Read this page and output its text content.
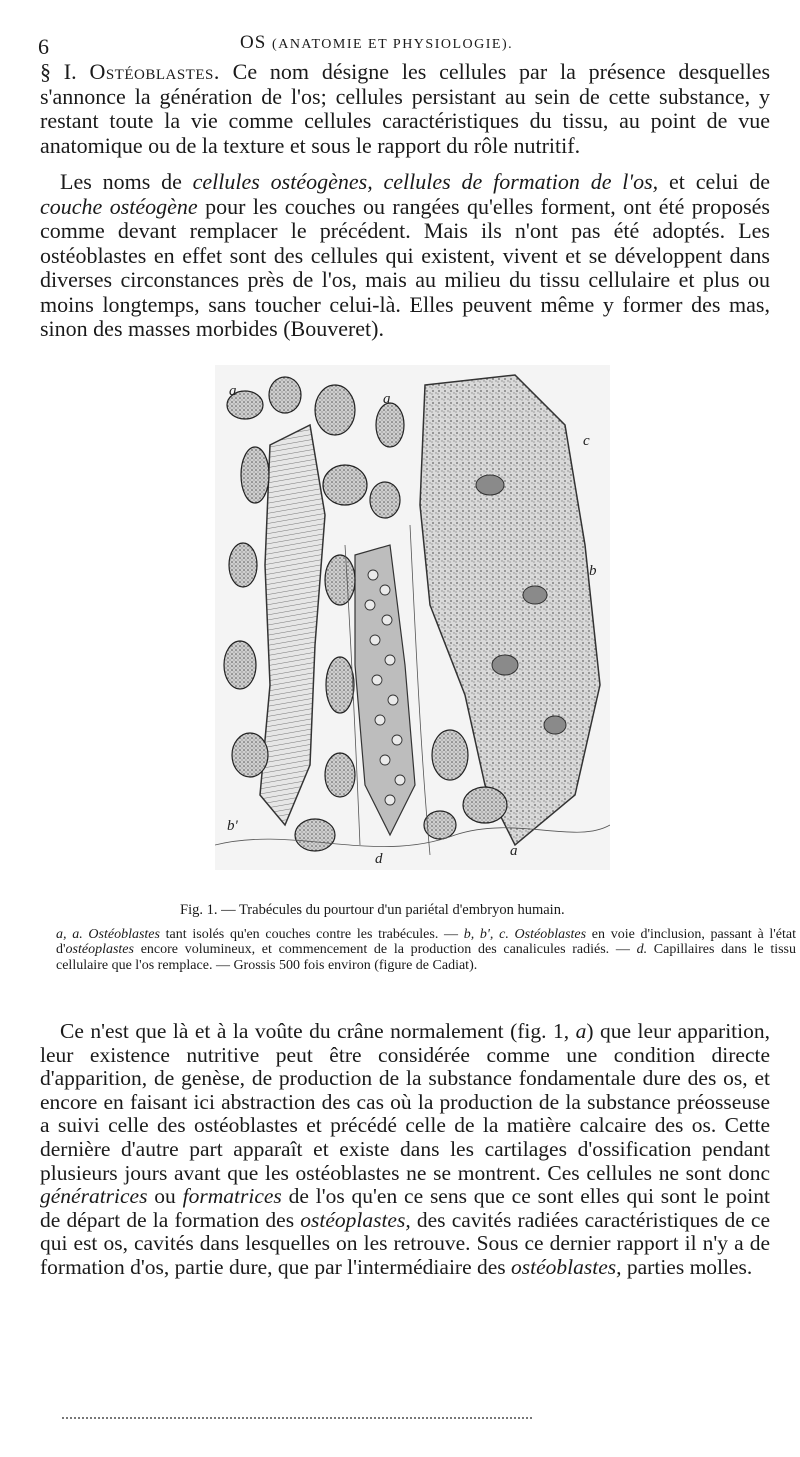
6	OS (ANATOMIE ET PHYSIOLOGIE).

§ I. Ostéoblastes. Ce nom désigne les cellules par la présence desquelles s'annonce la génération de l'os; cellules persistant au sein de cette substance, y restant toute la vie comme cellules caractéristiques du tissu, au point de vue anatomique ou de la texture et sous le rapport du rôle nutritif.

Les noms de cellules ostéogènes, cellules de formation de l'os, et celui de couche ostéogène pour les couches ou rangées qu'elles forment, ont été proposés comme devant remplacer le précédent. Mais ils n'ont pas été adoptés. Les ostéoblastes en effet sont des cellules qui existent, vivent et se développent dans diverses circonstances près de l'os, mais au milieu du tissu cellulaire et plus ou moins longtemps, sans toucher celui-là. Elles peuvent même y former des mas, sinon des masses morbides (Bouveret).

a	a
c
b
b'
d	a

Fig. 1. — Trabécules du pourtour d'un pariétal d'embryon humain.

a, a. Ostéoblastes tant isolés qu'en couches contre les trabécules. — b, b', c. Ostéoblastes en voie d'inclusion, passant à l'état d'ostéoplastes encore volumineux, et commencement de la production des canalicules radiés. — d. Capillaires dans le tissu cellulaire que l'os remplace. — Grossis 500 fois environ (figure de Cadiat).

Ce n'est que là et à la voûte du crâne normalement (fig. 1, a) que leur apparition, leur existence nutritive peut être considérée comme une condition directe d'apparition, de genèse, de production de la substance fondamentale dure des os, et encore en faisant ici abstraction des cas où la production de la substance préosseuse a suivi celle des ostéoblastes et précédé celle de la matière calcaire des os. Cette dernière d'autre part apparaît et existe dans les cartilages d'ossification pendant plusieurs jours avant que les ostéoblastes ne se montrent. Ces cellules ne sont donc génératrices ou formatrices de l'os qu'en ce sens que ce sont elles qui sont le point de départ de la formation des ostéoplastes, des cavités radiées caractéristiques de ce qui est os, cavités dans lesquelles on les retrouve. Sous ce dernier rapport il n'y a de formation d'os, partie dure, que par l'intermédiaire des ostéoblastes, parties molles.
